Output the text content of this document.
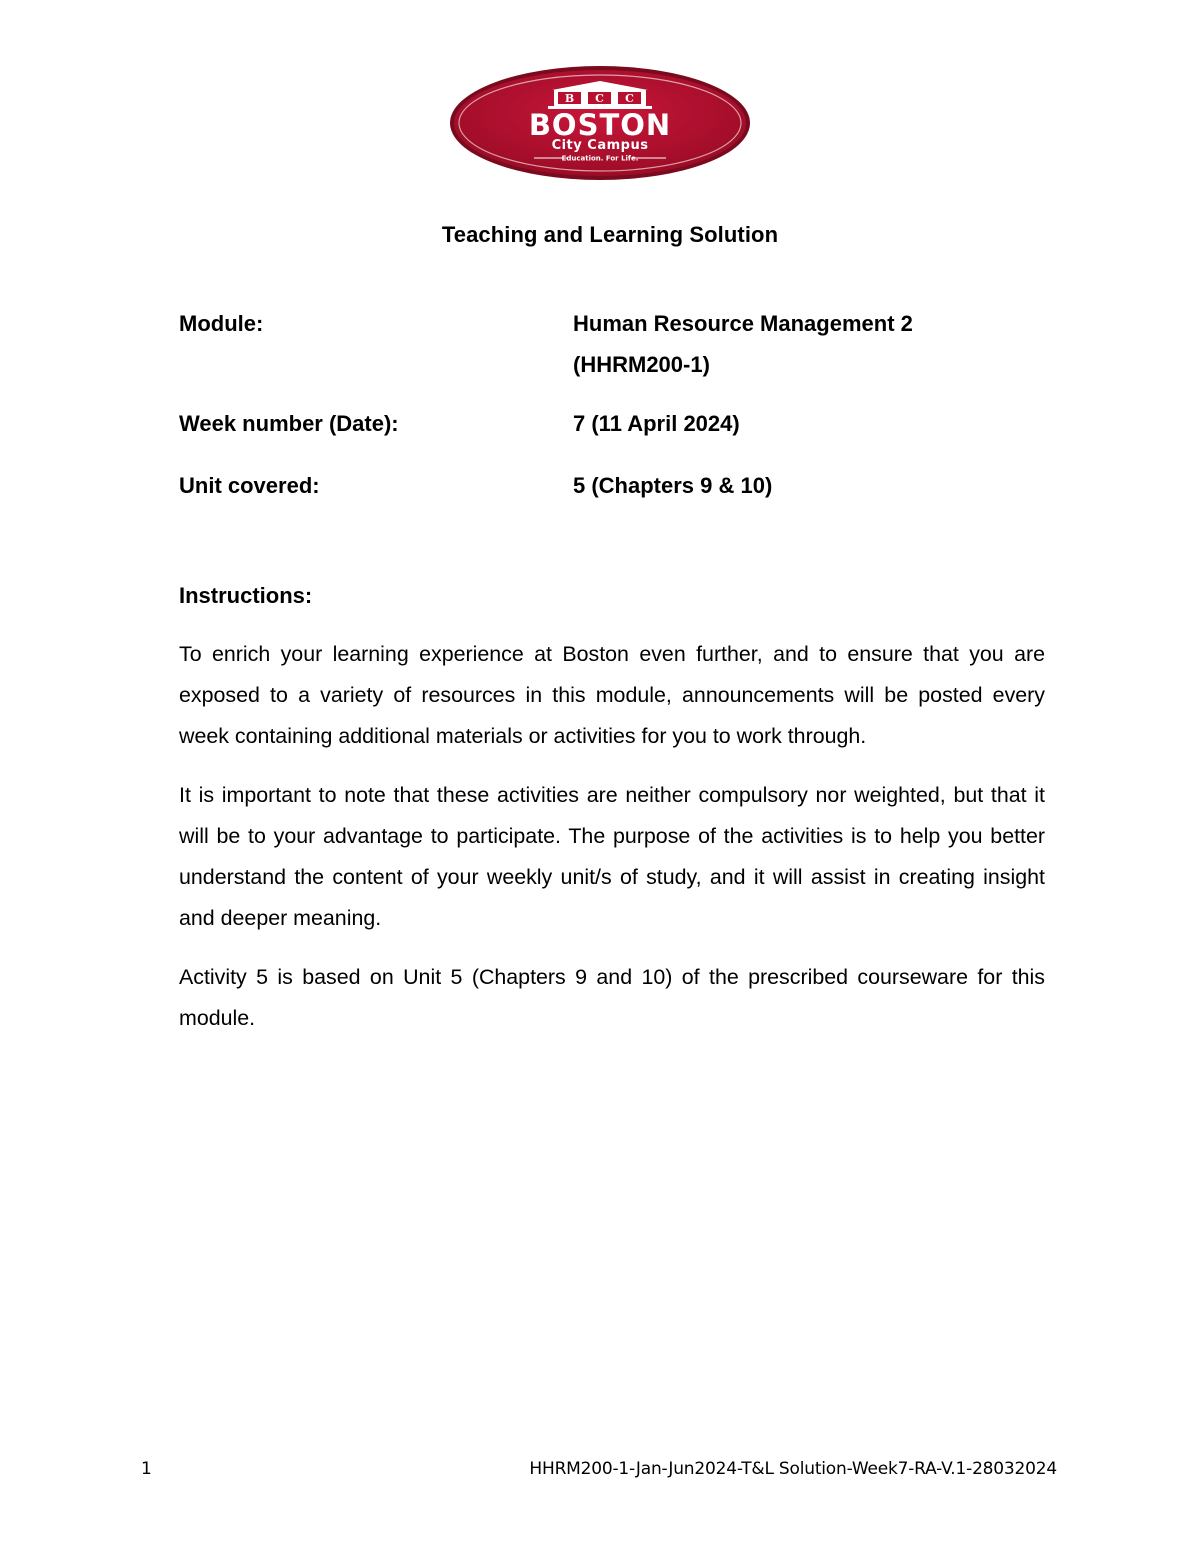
B C C
BOSTON
City Campus
Education. For Life.
Teaching and Learning Solution
Module:	Human Resource Management 2
(HHRM200-1)
Week number (Date):	7 (11 April 2024)
Unit covered:	5 (Chapters 9 & 10)
Instructions:

To enrich your learning experience at Boston even further, and to ensure that you are exposed to a variety of resources in this module, announcements will be posted every week containing additional materials or activities for you to work through.

It is important to note that these activities are neither compulsory nor weighted, but that it will be to your advantage to participate. The purpose of the activities is to help you better understand the content of your weekly unit/s of study, and it will assist in creating insight and deeper meaning.

Activity 5 is based on Unit 5 (Chapters 9 and 10) of the prescribed courseware for this module.

1	HHRM200-1-Jan-Jun2024-T&L Solution-Week7-RA-V.1-28032024
